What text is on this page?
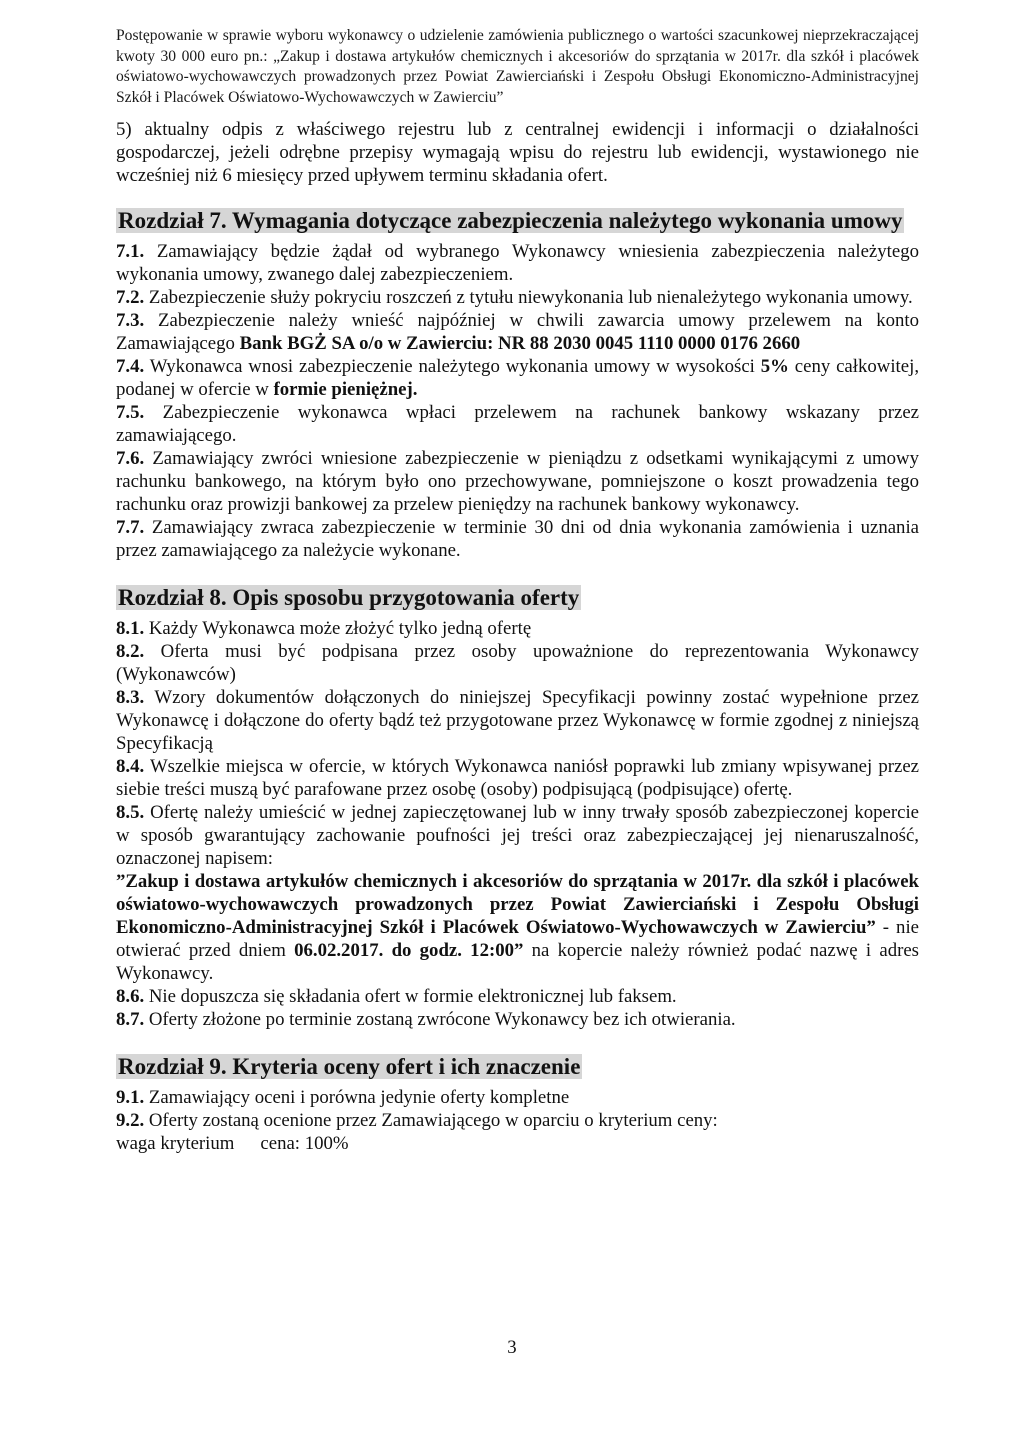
Postępowanie w sprawie wyboru wykonawcy o udzielenie zamówienia publicznego o wartości szacunkowej nieprzekraczającej kwoty 30 000 euro pn.: „Zakup i dostawa artykułów chemicznych i akcesoriów do sprzątania w 2017r. dla szkół i placówek oświatowo-wychowawczych prowadzonych przez Powiat Zawierciański i Zespołu Obsługi Ekonomiczno-Administracyjnej Szkół i Placówek Oświatowo-Wychowawczych w Zawierciu”

5) aktualny odpis z właściwego rejestru lub z centralnej ewidencji i informacji o działalności gospodarczej, jeżeli odrębne przepisy wymagają wpisu do rejestru lub ewidencji, wystawionego nie wcześniej niż 6 miesięcy przed upływem terminu składania ofert.

Rozdział 7. Wymagania dotyczące zabezpieczenia należytego wykonania umowy

7.1. Zamawiający będzie żądał od wybranego Wykonawcy wniesienia zabezpieczenia należytego wykonania umowy, zwanego dalej zabezpieczeniem.

7.2. Zabezpieczenie służy pokryciu roszczeń z tytułu niewykonania lub nienależytego wykonania umowy.

7.3. Zabezpieczenie należy wnieść najpóźniej w chwili zawarcia umowy przelewem na konto Zamawiającego Bank BGŻ SA o/o w Zawierciu: NR 88 2030 0045 1110 0000 0176 2660

7.4. Wykonawca wnosi zabezpieczenie należytego wykonania umowy w wysokości 5% ceny całkowitej, podanej w ofercie w formie pieniężnej.

7.5. Zabezpieczenie wykonawca wpłaci przelewem na rachunek bankowy wskazany przez zamawiającego.

7.6. Zamawiający zwróci wniesione zabezpieczenie w pieniądzu z odsetkami wynikającymi z umowy rachunku bankowego, na którym było ono przechowywane, pomniejszone o koszt prowadzenia tego rachunku oraz prowizji bankowej za przelew pieniędzy na rachunek bankowy wykonawcy.

7.7. Zamawiający zwraca zabezpieczenie w terminie 30 dni od dnia wykonania zamówienia i uznania przez zamawiającego za należycie wykonane.

Rozdział 8. Opis sposobu przygotowania oferty

8.1. Każdy Wykonawca może złożyć tylko jedną ofertę

8.2. Oferta musi być podpisana przez osoby upoważnione do reprezentowania Wykonawcy (Wykonawców)

8.3. Wzory dokumentów dołączonych do niniejszej Specyfikacji powinny zostać wypełnione przez Wykonawcę i dołączone do oferty bądź też przygotowane przez Wykonawcę w formie zgodnej z niniejszą Specyfikacją

8.4. Wszelkie miejsca w ofercie, w których Wykonawca naniósł poprawki lub zmiany wpisywanej przez siebie treści muszą być parafowane przez osobę (osoby) podpisującą (podpisujące) ofertę.

8.5. Ofertę należy umieścić w jednej zapieczętowanej lub w inny trwały sposób zabezpieczonej kopercie w sposób gwarantujący zachowanie poufności jej treści oraz zabezpieczającej jej nienaruszalność, oznaczonej napisem:

”Zakup i dostawa artykułów chemicznych i akcesoriów do sprzątania w 2017r. dla szkół i placówek oświatowo-wychowawczych prowadzonych przez Powiat Zawierciański i Zespołu Obsługi Ekonomiczno-Administracyjnej Szkół i Placówek Oświatowo-Wychowawczych w Zawierciu” - nie otwierać przed dniem 06.02.2017. do godz. 12:00” na kopercie należy również podać nazwę i adres Wykonawcy.

8.6. Nie dopuszcza się składania ofert w formie elektronicznej lub faksem.

8.7. Oferty złożone po terminie zostaną zwrócone Wykonawcy bez ich otwierania.

Rozdział 9. Kryteria oceny ofert i ich znaczenie

9.1. Zamawiający oceni i porówna jedynie oferty kompletne

9.2. Oferty zostaną ocenione przez Zamawiającego w oparciu o kryterium ceny:

waga kryterium cena: 100%

3
